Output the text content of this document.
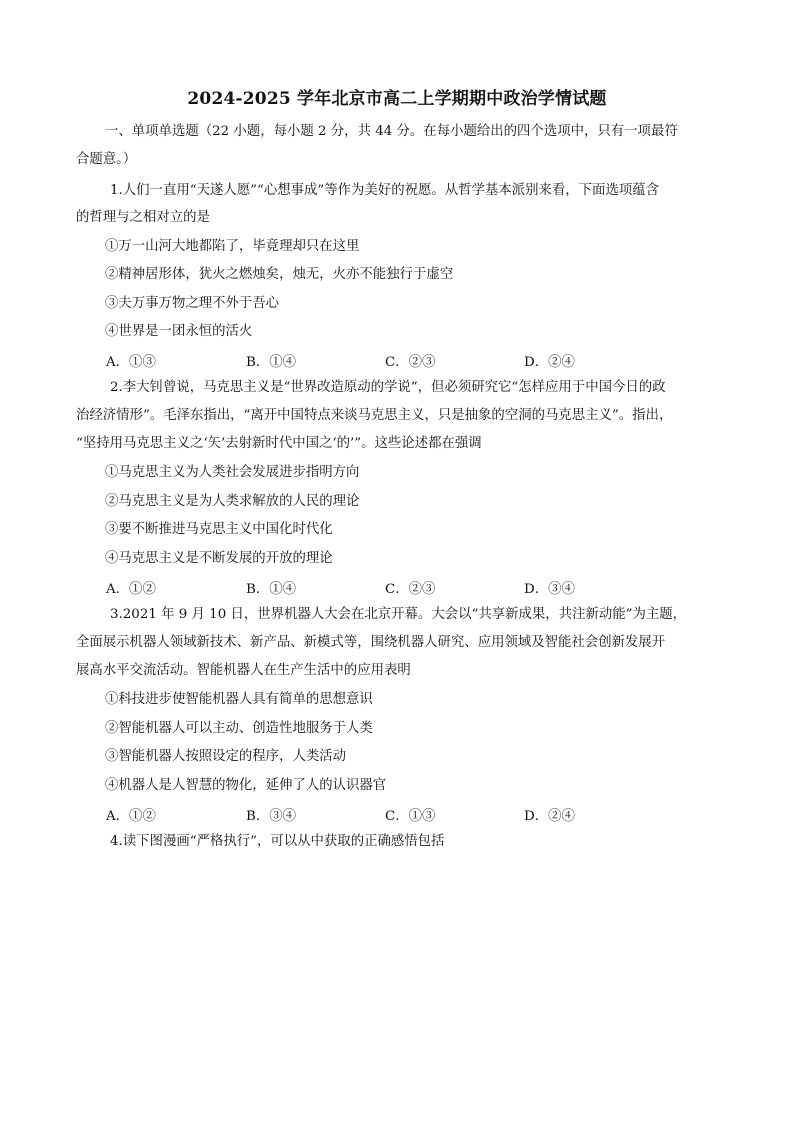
2024-2025 学年北京市高二上学期期中政治学情试题
一、单项单选题（22 小题，每小题 2 分，共 44 分。在每小题给出的四个选项中，只有一项最符
合题意。）
1.人们一直用“天遂人愿”“心想事成”等作为美好的祝愿。从哲学基本派别来看，下面选项蕴含
的哲理与之相对立的是
①万一山河大地都陷了，毕竟理却只在这里
②精神居形体，犹火之燃烛矣，烛无，火亦不能独行于虚空
③夫万事万物之理不外于吾心
④世界是一团永恒的活火
A．①③	B．①④	C．②③	D．②④
2.李大钊曾说，马克思主义是“世界改造原动的学说”，但必须研究它“怎样应用于中国今日的政
治经济情形”。毛泽东指出，“离开中国特点来谈马克思主义，只是抽象的空洞的马克思主义”。指出，
“坚持用马克思主义之‘矢’去射新时代中国之‘的’”。这些论述都在强调
①马克思主义为人类社会发展进步指明方向
②马克思主义是为人类求解放的人民的理论
③要不断推进马克思主义中国化时代化
④马克思主义是不断发展的开放的理论
A．①②	B．①④	C．②③	D．③④
3.2021 年 9 月 10 日，世界机器人大会在北京开幕。大会以“共享新成果，共注新动能”为主题，
全面展示机器人领域新技术、新产品、新模式等，围绕机器人研究、应用领域及智能社会创新发展开
展高水平交流活动。智能机器人在生产生活中的应用表明
①科技进步使智能机器人具有简单的思想意识
②智能机器人可以主动、创造性地服务于人类
③智能机器人按照设定的程序，人类活动
④机器人是人智慧的物化，延伸了人的认识器官
A．①②	B．③④	C．①③	D．②④
4.读下图漫画“严格执行”，可以从中获取的正确感悟包括
